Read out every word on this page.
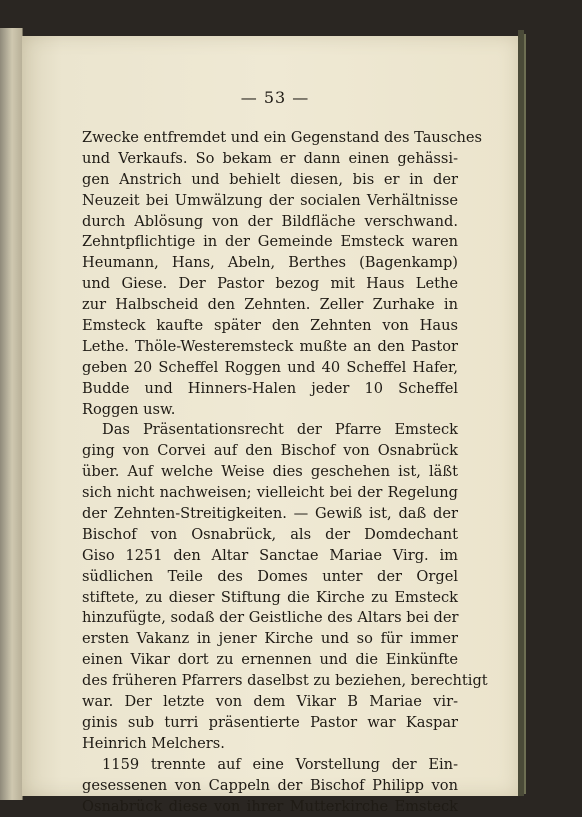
— 53 —
Zwecke entfremdet und ein Gegenstand des Tausches
und Verkaufs. So bekam er dann einen gehässi-
gen Anstrich und behielt diesen, bis er in der
Neuzeit bei Umwälzung der socialen Verhältnisse
durch Ablösung von der Bildfläche verschwand.
Zehntpflichtige in der Gemeinde Emsteck waren
Heumann, Hans, Abeln, Berthes (Bagenkamp)
und Giese. Der Pastor bezog mit Haus Lethe
zur Halbscheid den Zehnten. Zeller Zurhake in
Emsteck kaufte später den Zehnten von Haus
Lethe. Thöle-Westeremsteck mußte an den Pastor
geben 20 Scheffel Roggen und 40 Scheffel Hafer,
Budde und Hinners-Halen jeder 10 Scheffel
Roggen usw.
Das Präsentationsrecht der Pfarre Emsteck
ging von Corvei auf den Bischof von Osnabrück
über. Auf welche Weise dies geschehen ist, läßt
sich nicht nachweisen; vielleicht bei der Regelung
der Zehnten-Streitigkeiten. — Gewiß ist, daß der
Bischof von Osnabrück, als der Domdechant
Giso 1251 den Altar Sanctae Mariae Virg. im
südlichen Teile des Domes unter der Orgel
stiftete, zu dieser Stiftung die Kirche zu Emsteck
hinzufügte, sodaß der Geistliche des Altars bei der
ersten Vakanz in jener Kirche und so für immer
einen Vikar dort zu ernennen und die Einkünfte
des früheren Pfarrers daselbst zu beziehen, berechtigt
war. Der letzte von dem Vikar B Mariae vir-
ginis sub turri präsentierte Pastor war Kaspar
Heinrich Melchers.
1159 trennte auf eine Vorstellung der Ein-
gesessenen von Cappeln der Bischof Philipp von
Osnabrück diese von ihrer Mutterkirche Emsteck
